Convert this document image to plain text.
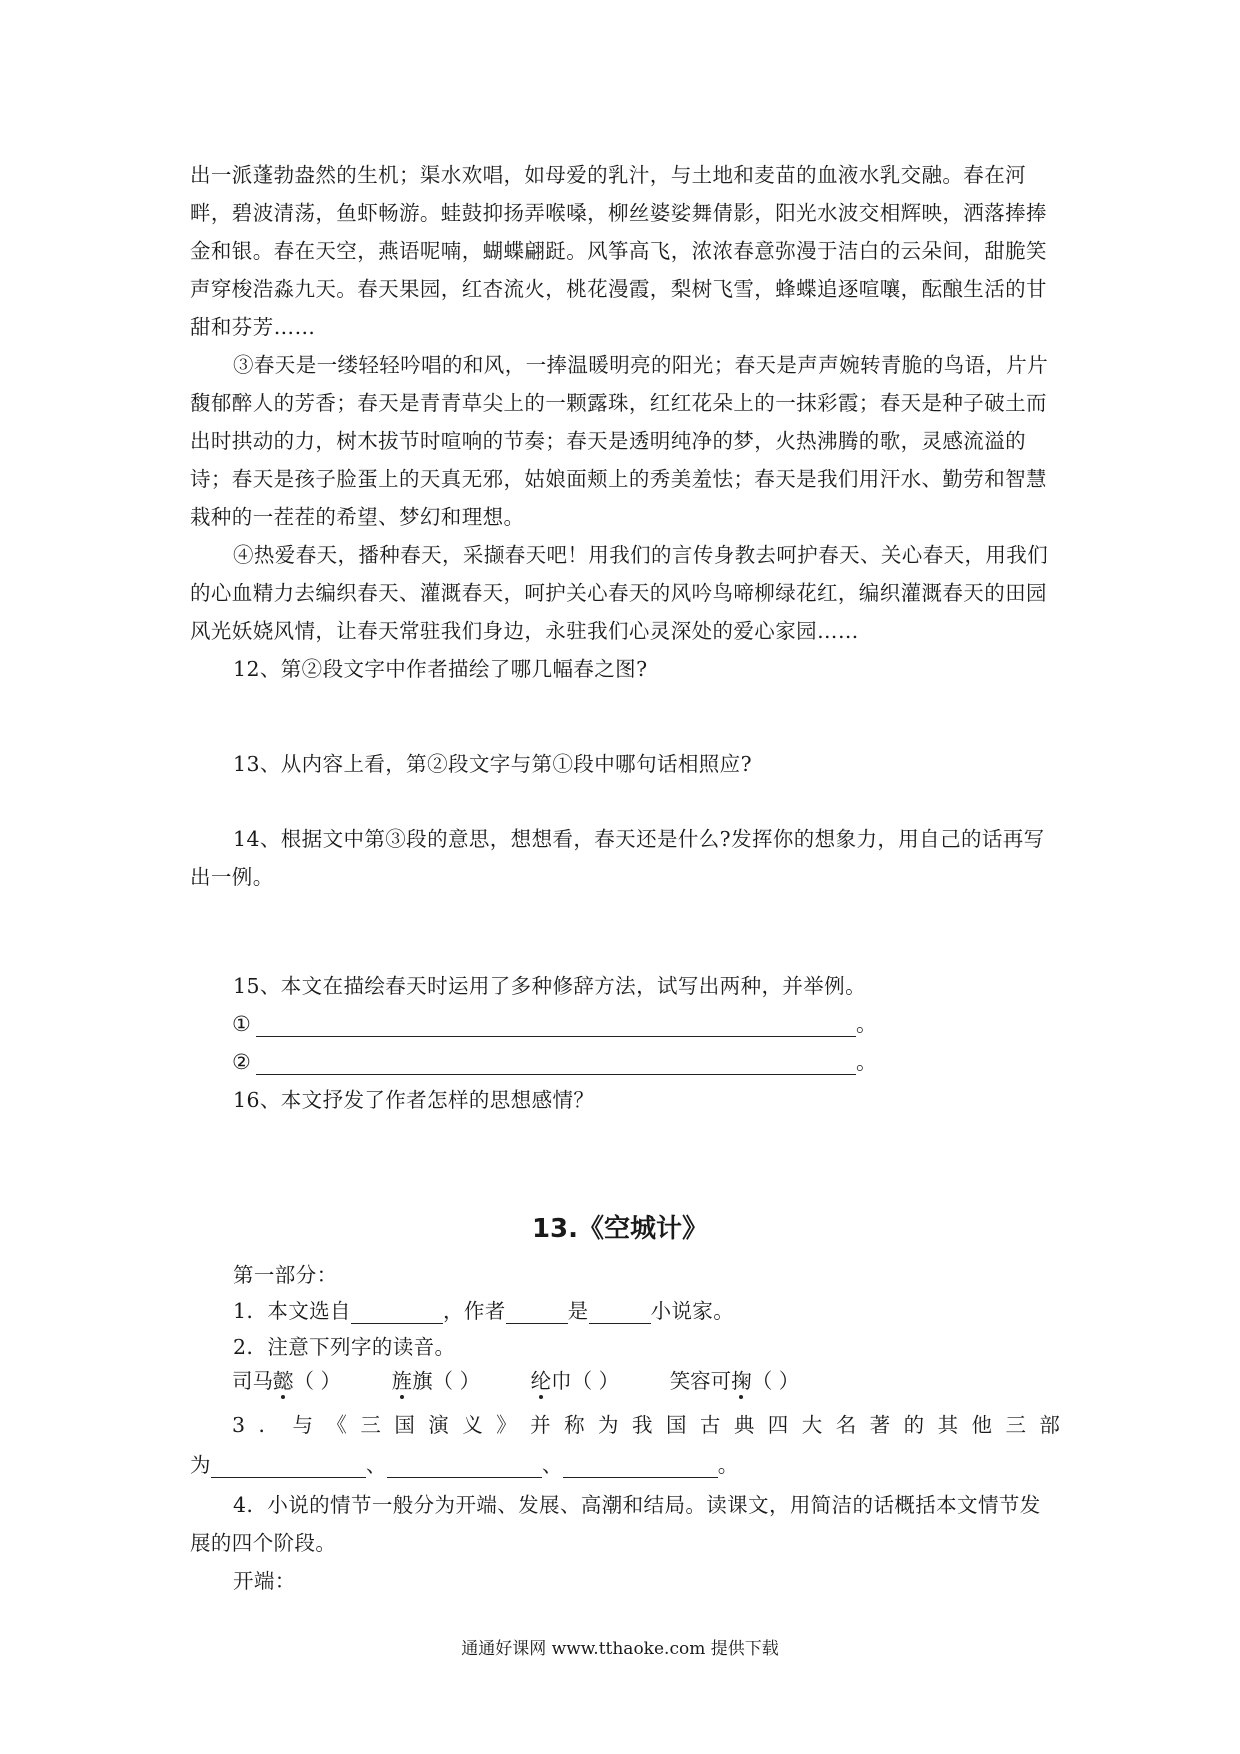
出一派蓬勃盎然的生机；渠水欢唱，如母爱的乳汁，与土地和麦苗的血液水乳交融。春在河畔，碧波清荡，鱼虾畅游。蛙鼓抑扬弄喉嗓，柳丝婆娑舞倩影，阳光水波交相辉映，洒落捧捧金和银。春在天空，燕语呢喃，蝴蝶翩跹。风筝高飞，浓浓春意弥漫于洁白的云朵间，甜脆笑声穿梭浩淼九天。春天果园，红杏流火，桃花漫霞，梨树飞雪，蜂蝶追逐喧嚷，酝酿生活的甘甜和芬芳……
③春天是一缕轻轻吟唱的和风，一捧温暖明亮的阳光；春天是声声婉转青脆的鸟语，片片馥郁醉人的芳香；春天是青青草尖上的一颗露珠，红红花朵上的一抹彩霞；春天是种子破土而出时拱动的力，树木拔节时喧响的节奏；春天是透明纯净的梦，火热沸腾的歌，灵感流溢的诗；春天是孩子脸蛋上的天真无邪，姑娘面颊上的秀美羞怯；春天是我们用汗水、勤劳和智慧栽种的一茬茬的希望、梦幻和理想。
④热爱春天，播种春天，采撷春天吧！用我们的言传身教去呵护春天、关心春天，用我们的心血精力去编织春天、灌溉春天，呵护关心春天的风吟鸟啼柳绿花红，编织灌溉春天的田园风光妖娆风情，让春天常驻我们身边，永驻我们心灵深处的爱心家园……
12、第②段文字中作者描绘了哪几幅春之图?
13、从内容上看，第②段文字与第①段中哪句话相照应?
14、根据文中第③段的意思，想想看，春天还是什么?发挥你的想象力，用自己的话再写出一例。
15、本文在描绘春天时运用了多种修辞方法，试写出两种，并举例。
①	。
②	。
16、本文抒发了作者怎样的思想感情？
13.《空城计》
第一部分：
1．本文选自	，作者	是	小说家。
2．注意下列字的读音。
司马懿（ ） 旌旗（ ） 纶巾（ ） 笑容可掬（ ）
3 ． 与 《 三 国 演 义 》 并 称 为 我 国 古 典 四 大 名 著 的 其 他 三 部
为	、	、	。
4．小说的情节一般分为开端、发展、高潮和结局。读课文，用简洁的话概括本文情节发展的四个阶段。
开端：
通通好课网 www.tthaoke.com 提供下载
